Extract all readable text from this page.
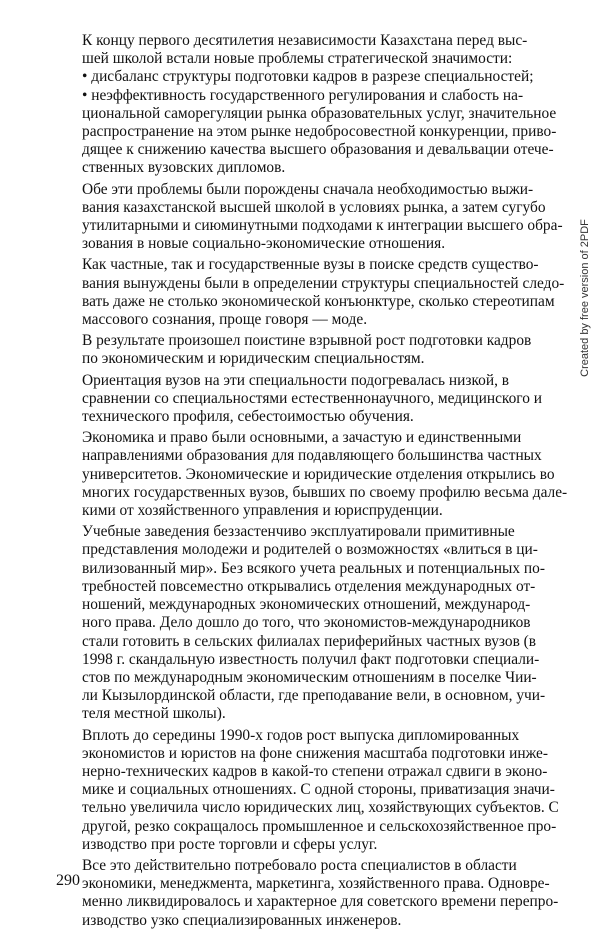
К концу первого десятилетия независимости Казахстана перед выс-
шей школой встали новые проблемы стратегической значимости:
• дисбаланс структуры подготовки кадров в разрезе специальностей;
• неэффективность государственного регулирования и слабость на-
циональной саморегуляции рынка образовательных услуг, значительное
распространение на этом рынке недобросовестной конкуренции, приво-
дящее к снижению качества высшего образования и девальвации отече-
ственных вузовских дипломов.
Обе эти проблемы были порождены сначала необходимостью выжи-
вания казахстанской высшей школой в условиях рынка, а затем сугубо
утилитарными и сиюминутными подходами к интеграции высшего обра-
зования в новые социально-экономические отношения.
Как частные, так и государственные вузы в поиске средств существо-
вания вынуждены были в определении структуры специальностей следо-
вать даже не столько экономической конъюнктуре, сколько стереотипам
массового сознания, проще говоря — моде.
В результате произошел поистине взрывной рост подготовки кадров
по экономическим и юридическим специальностям.
Ориентация вузов на эти специальности подогревалась низкой, в
сравнении со специальностями естественнонаучного, медицинского и
технического профиля, себестоимостью обучения.
Экономика и право были основными, а зачастую и единственными
направлениями образования для подавляющего большинства частных
университетов. Экономические и юридические отделения открылись во
многих государственных вузов, бывших по своему профилю весьма дале-
кими от хозяйственного управления и юриспруденции.
Учебные заведения беззастенчиво эксплуатировали примитивные
представления молодежи и родителей о возможностях «влиться в ци-
вилизованный мир». Без всякого учета реальных и потенциальных по-
требностей повсеместно открывались отделения международных от-
ношений, международных экономических отношений, международ-
ного права. Дело дошло до того, что экономистов-международников
стали готовить в сельских филиалах периферийных частных вузов (в
1998 г. скандальную известность получил факт подготовки специали-
стов по международным экономическим отношениям в поселке Чии-
ли Кызылординской области, где преподавание вели, в основном, учи-
теля местной школы).
Вплоть до середины 1990-х годов рост выпуска дипломированных
экономистов и юристов на фоне снижения масштаба подготовки инже-
нерно-технических кадров в какой-то степени отражал сдвиги в эконо-
мике и социальных отношениях. С одной стороны, приватизация значи-
тельно увеличила число юридических лиц, хозяйствующих субъектов. С
другой, резко сокращалось промышленное и сельскохозяйственное про-
изводство при росте торговли и сферы услуг.
Все это действительно потребовало роста специалистов в области
экономики, менеджмента, маркетинга, хозяйственного права. Одновре-
менно ликвидировалось и характерное для советского времени перепро-
изводство узко специализированных инженеров.
290
Created by free version of 2PDF
